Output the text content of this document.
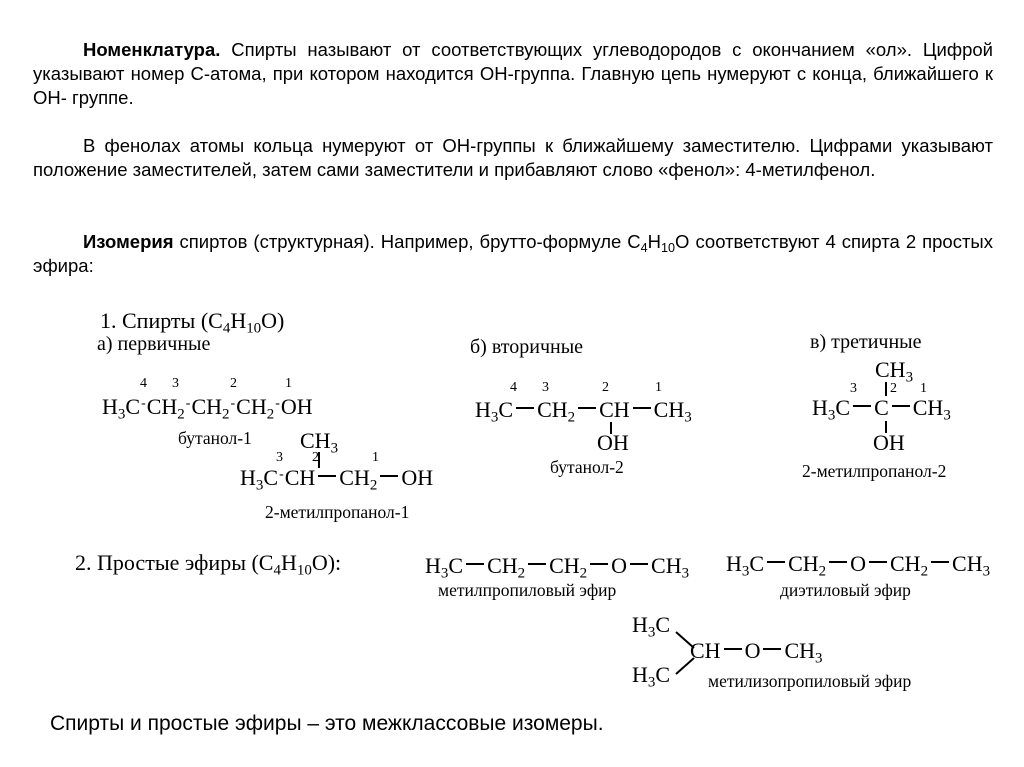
Номенклатура. Спирты называют от соответствующих углеводородов с окончанием «ол». Цифрой указывают номер С-атома, при котором находится ОН-группа. Главную цепь нумеруют с конца, ближайшего к ОН- группе.

В фенолах атомы кольца нумеруют от ОН-группы к ближайшему заместителю. Цифрами указывают положение заместителей, затем сами заместители и прибавляют слово «фенол»: 4-метилфенол.

Изомерия спиртов (структурная). Например, брутто-формуле $С_4Н_{10}О$ соответствуют 4 спирта 2 простых эфира:

1. Спирты $(С_4Н_{10}О)$
а) первичные	б) вторичные	в) третичные
4 3	2	1
$H_3C-CH_2-CH_2-CH_2-OH$
бутанол-1 $CH_3$
3 2	1
$H_3C-CH$ $CH_2$ OH
2-метилпропанол-1
4 3	2	1
$H_3C$ $CH_2$ CH $CH_3$
OH
бутанол-2
$CH_3$
3 2 1
$H_3C$ C $CH_3$
OH
2-метилпропанол-2
2. Простые эфиры $(С_4Н_{10}О)$:	$H_3C$ $CH_2$ $CH_2$ O $CH_3$
метилпропиловый эфир
$H_3C$ $CH_2$ O $CH_2$ $CH_3$
диэтиловый эфир
$H_3C$
$H_3C$
CH O $CH_3$
метилизопропиловый эфир
Спирты и простые эфиры – это межклассовые изомеры.
